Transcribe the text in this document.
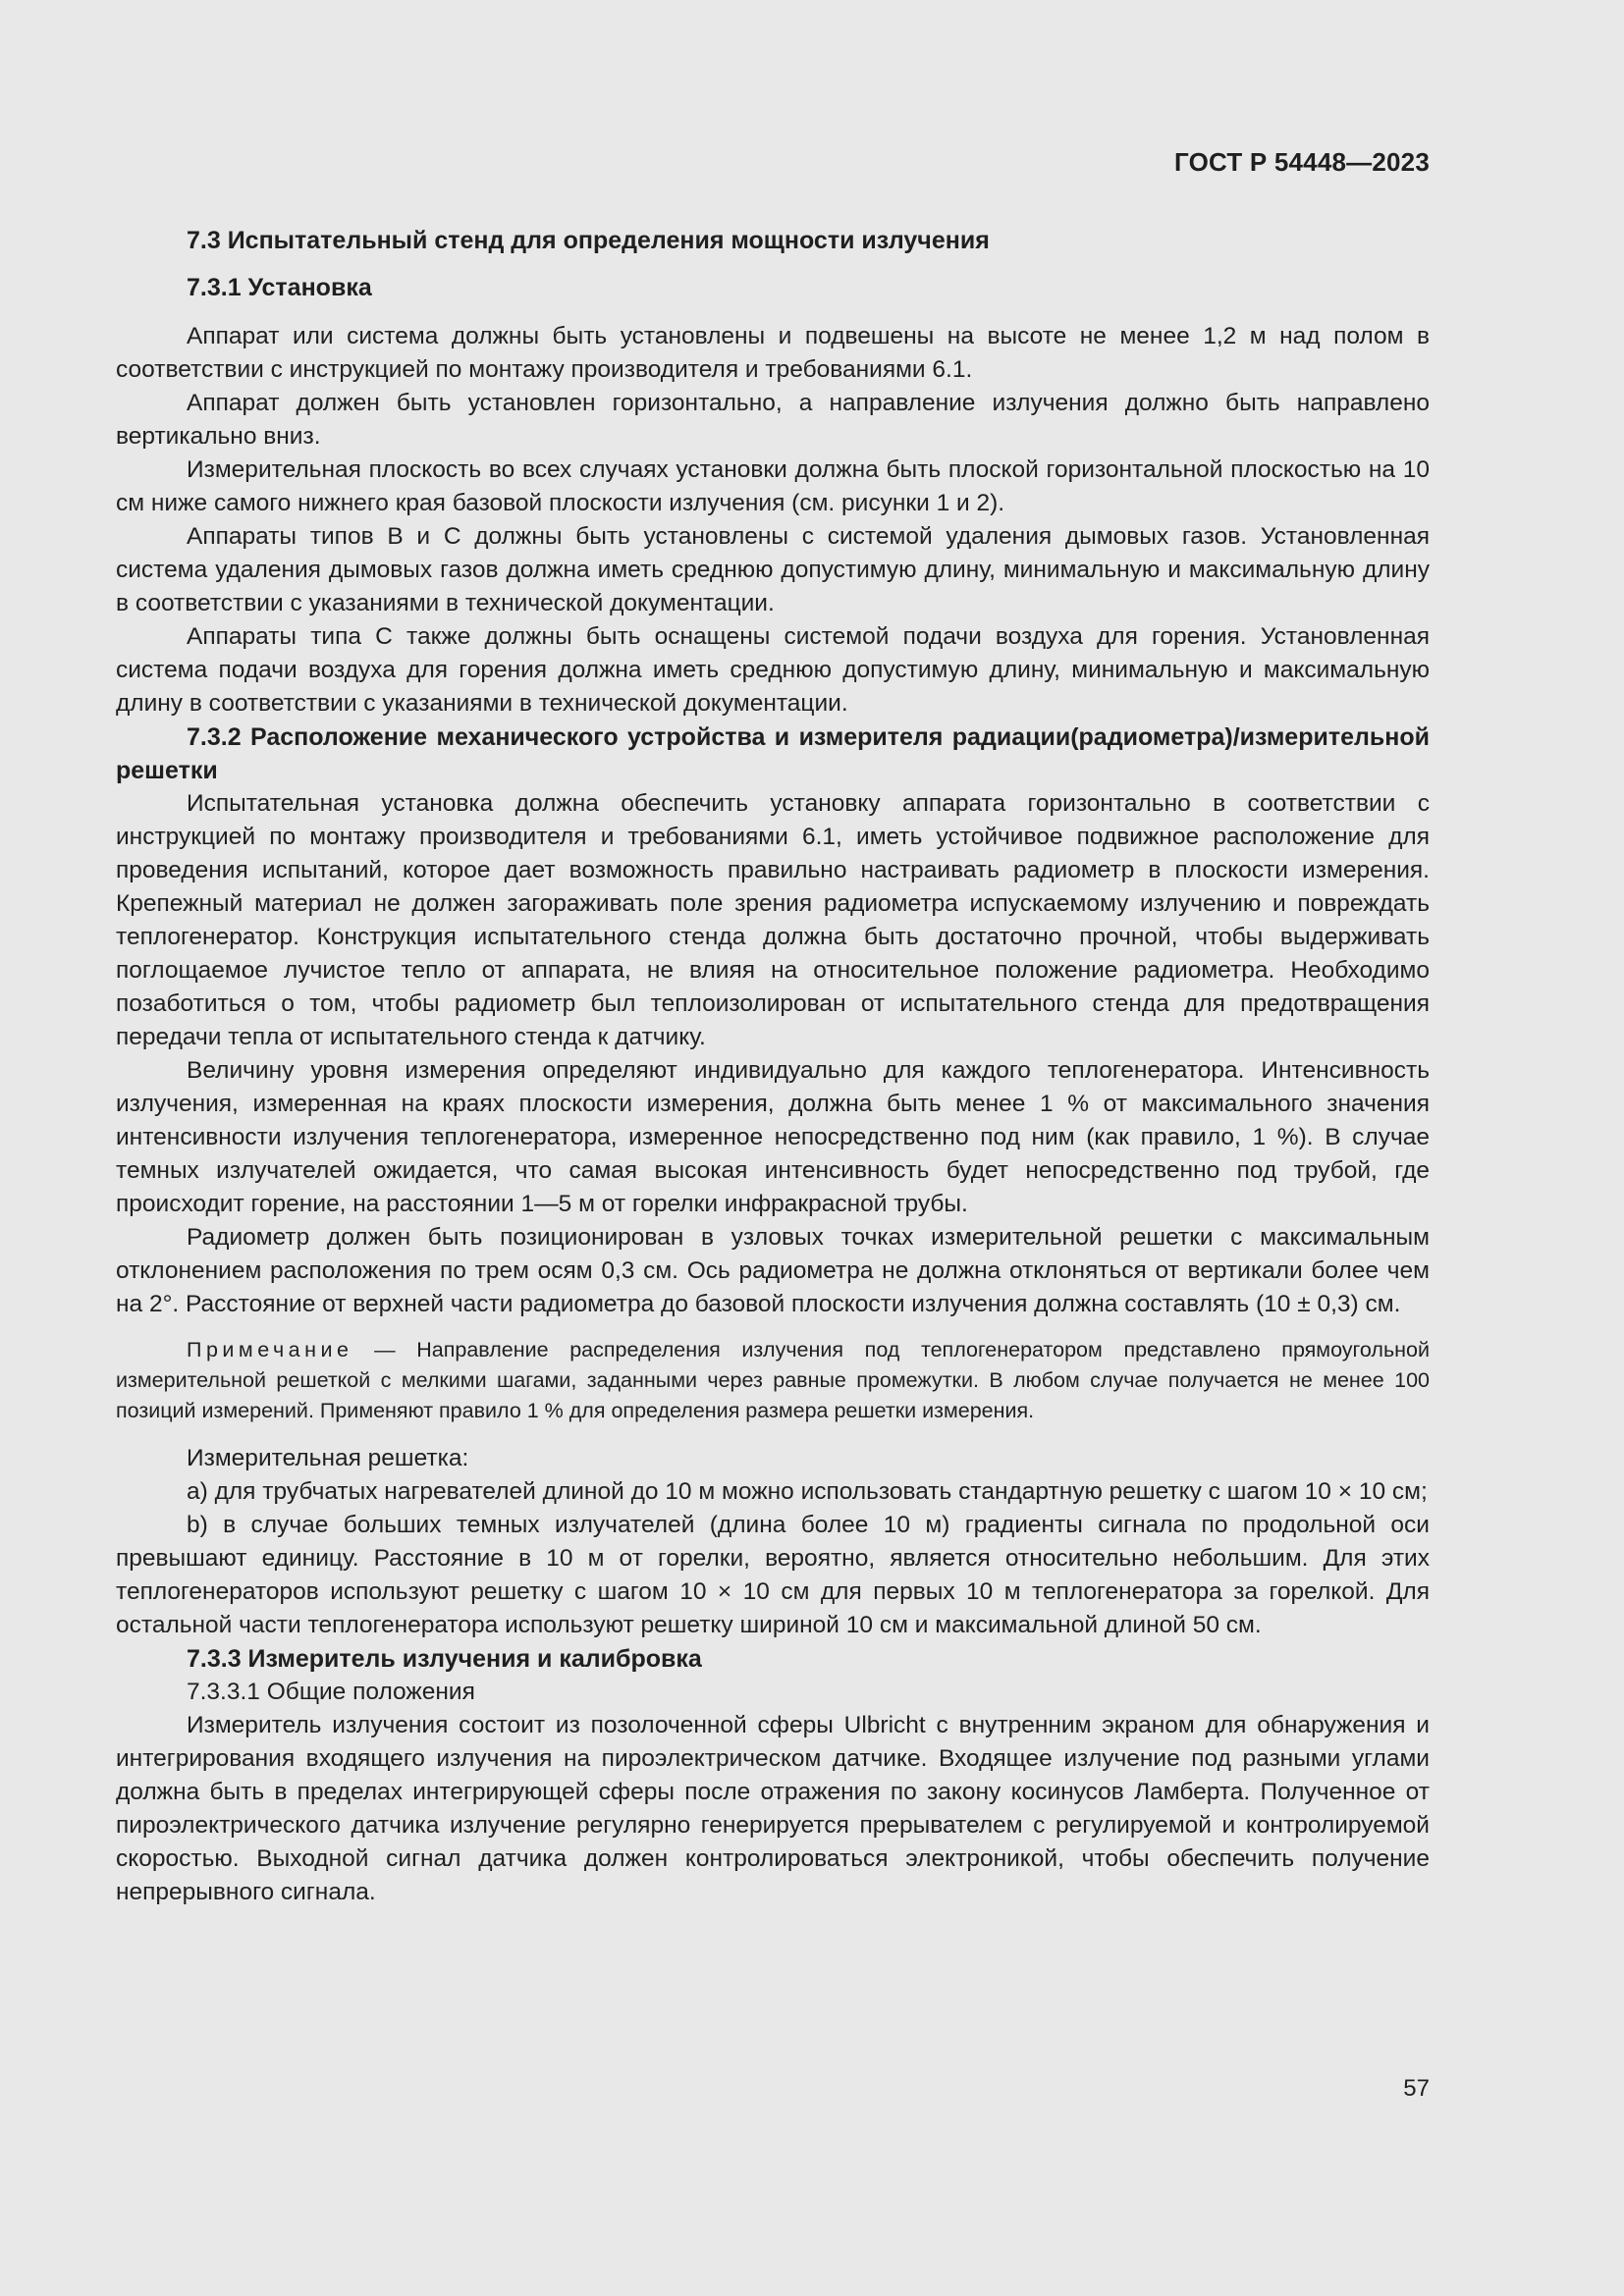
ГОСТ Р 54448—2023

7.3 Испытательный стенд для определения мощности излучения

7.3.1 Установка

Аппарат или система должны быть установлены и подвешены на высоте не менее 1,2 м над полом в соответствии с инструкцией по монтажу производителя и требованиями 6.1.

Аппарат должен быть установлен горизонтально, а направление излучения должно быть направлено вертикально вниз.

Измерительная плоскость во всех случаях установки должна быть плоской горизонтальной плоскостью на 10 см ниже самого нижнего края базовой плоскости излучения (см. рисунки 1 и 2).

Аппараты типов В и С должны быть установлены с системой удаления дымовых газов. Установленная система удаления дымовых газов должна иметь среднюю допустимую длину, минимальную и максимальную длину в соответствии с указаниями в технической документации.

Аппараты типа С также должны быть оснащены системой подачи воздуха для горения. Установленная система подачи воздуха для горения должна иметь среднюю допустимую длину, минимальную и максимальную длину в соответствии с указаниями в технической документации.

7.3.2 Расположение механического устройства и измерителя радиации(радиометра)/измерительной решетки

Испытательная установка должна обеспечить установку аппарата горизонтально в соответствии с инструкцией по монтажу производителя и требованиями 6.1, иметь устойчивое подвижное расположение для проведения испытаний, которое дает возможность правильно настраивать радиометр в плоскости измерения. Крепежный материал не должен загораживать поле зрения радиометра испускаемому излучению и повреждать теплогенератор. Конструкция испытательного стенда должна быть достаточно прочной, чтобы выдерживать поглощаемое лучистое тепло от аппарата, не влияя на относительное положение радиометра. Необходимо позаботиться о том, чтобы радиометр был теплоизолирован от испытательного стенда для предотвращения передачи тепла от испытательного стенда к датчику.

Величину уровня измерения определяют индивидуально для каждого теплогенератора. Интенсивность излучения, измеренная на краях плоскости измерения, должна быть менее 1 % от максимального значения интенсивности излучения теплогенератора, измеренное непосредственно под ним (как правило, 1 %). В случае темных излучателей ожидается, что самая высокая интенсивность будет непосредственно под трубой, где происходит горение, на расстоянии 1—5 м от горелки инфракрасной трубы.

Радиометр должен быть позиционирован в узловых точках измерительной решетки с максимальным отклонением расположения по трем осям 0,3 см. Ось радиометра не должна отклоняться от вертикали более чем на 2°. Расстояние от верхней части радиометра до базовой плоскости излучения должна составлять (10 ± 0,3) см.

Примечание — Направление распределения излучения под теплогенератором представлено прямоугольной измерительной решеткой с мелкими шагами, заданными через равные промежутки. В любом случае получается не менее 100 позиций измерений. Применяют правило 1 % для определения размера решетки измерения.

Измерительная решетка:

a) для трубчатых нагревателей длиной до 10 м можно использовать стандартную решетку с шагом 10 × 10 см;

b) в случае больших темных излучателей (длина более 10 м) градиенты сигнала по продольной оси превышают единицу. Расстояние в 10 м от горелки, вероятно, является относительно небольшим. Для этих теплогенераторов используют решетку с шагом 10 × 10 см для первых 10 м теплогенератора за горелкой. Для остальной части теплогенератора используют решетку шириной 10 см и максимальной длиной 50 см.

7.3.3 Измеритель излучения и калибровка

7.3.3.1 Общие положения

Измеритель излучения состоит из позолоченной сферы Ulbricht с внутренним экраном для обнаружения и интегрирования входящего излучения на пироэлектрическом датчике. Входящее излучение под разными углами должна быть в пределах интегрирующей сферы после отражения по закону косинусов Ламберта. Полученное от пироэлектрического датчика излучение регулярно генерируется прерывателем с регулируемой и контролируемой скоростью. Выходной сигнал датчика должен контролироваться электроникой, чтобы обеспечить получение непрерывного сигнала.

57
